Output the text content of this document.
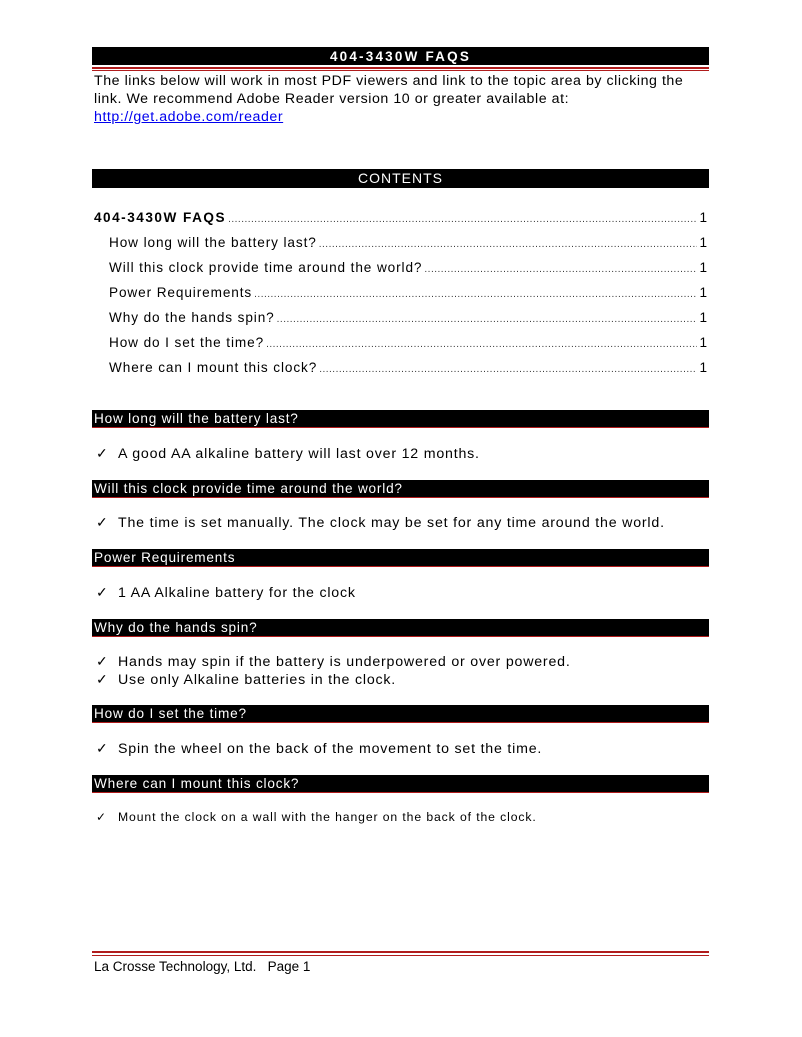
404-3430W FAQS
The links below will work in most PDF viewers and link to the topic area by clicking the link. We recommend Adobe Reader version 10 or greater available at:
http://get.adobe.com/reader
CONTENTS
404-3430W FAQS .....	1
How long will the battery last? .....	1
Will this clock provide time around the world? .....	1
Power Requirements .....	1
Why do the hands spin? .....	1
How do I set the time? .....	1
Where can I mount this clock? .....	1
How long will the battery last?
✓ A good AA alkaline battery will last over 12 months.
Will this clock provide time around the world?
✓ The time is set manually. The clock may be set for any time around the world.
Power Requirements
✓ 1 AA Alkaline battery for the clock
Why do the hands spin?
✓ Hands may spin if the battery is underpowered or over powered.
✓ Use only Alkaline batteries in the clock.
How do I set the time?
✓ Spin the wheel on the back of the movement to set the time.
Where can I mount this clock?
✓ Mount the clock on a wall with the hanger on the back of the clock.
La Crosse Technology, Ltd. Page 1
